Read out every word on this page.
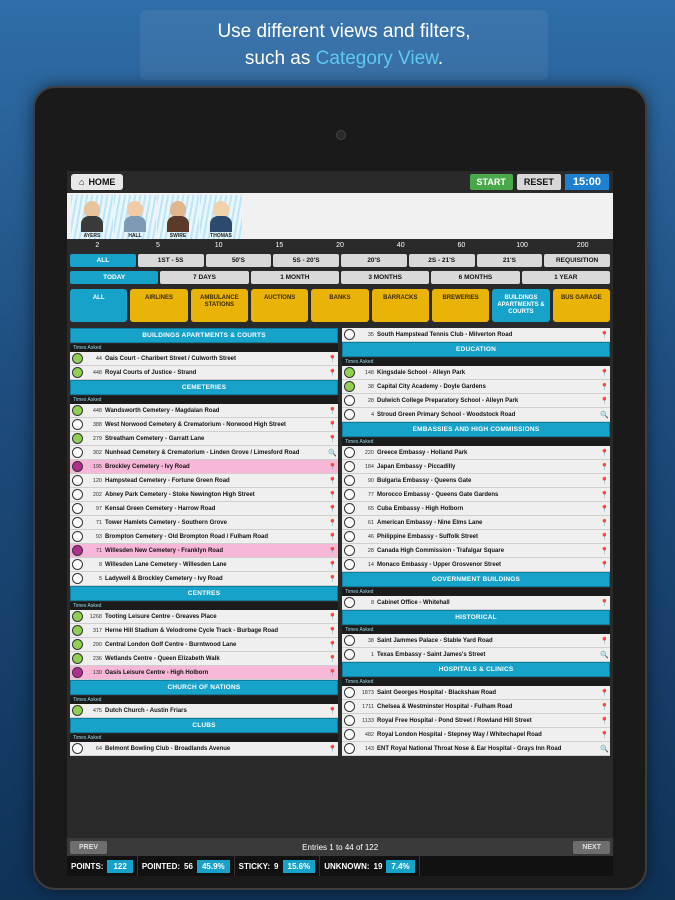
Use different views and filters,
such as Category View.
⌂ HOME	START	RESET	15:00
AYERS	HALL	SWIRE	THOMAS
2	5	10	15	20	40	60	100	200
ALL	1ST - 5S	50'S	5S - 20'S	20'S	2S - 21'S	21'S	REQUISITION
TODAY	7 DAYS	1 MONTH	3 MONTHS	6 MONTHS	1 YEAR
ALL	AIRLINES	AMBULANCE STATIONS
AUCTIONS	BANKS	BARRACKS	BREWERIES	BUILDINGS APARTMENTS & COURTS
BUS GARAGE
BUILDINGS APARTMENTS & COURTS
Times Asked
44 Oais Court - Charibert Street / Culworth Street	📍
448 Royal Courts of Justice - Strand	📍
CEMETERIES
Times Asked
448 Wandsworth Cemetery - Magdalan Road	📍
388 West Norwood Cemetery & Crematorium - Norwood High Street	📍
279 Streatham Cemetery - Garratt Lane	📍
302 Nunhead Cemetery & Crematorium - Linden Grove / Limesford Road	🔍
195 Brockley Cemetery - Ivy Road	📍
120 Hampstead Cemetery - Fortune Green Road	📍
202 Abney Park Cemetery - Stoke Newington High Street	📍
97 Kensal Green Cemetery - Harrow Road	📍
71 Tower Hamlets Cemetery - Southern Grove	📍
93 Brompton Cemetery - Old Brompton Road / Fulham Road	📍
71 Willesden New Cemetery - Franklyn Road	📍
8 Willesden Lane Cemetery - Willesden Lane	📍
5 Ladywell & Brockley Cemetery - Ivy Road	📍
CENTRES
Times Asked
1268 Tooting Leisure Centre - Greaves Place	📍
317 Herne Hill Stadium & Velodrome Cycle Track - Burbage Road	📍
290 Central London Golf Centre - Burntwood Lane	📍
236 Wetlands Centre - Queen Elizabeth Walk	📍
130 Oasis Leisure Centre - High Holborn	📍
CHURCH OF NATIONS
Times Asked
475 Dutch Church - Austin Friars	📍
CLUBS
Times Asked
64 Belmont Bowling Club - Broadlands Avenue	📍
35 South Hampstead Tennis Club - Milverton Road	📍
EDUCATION
Times Asked
148 Kingsdale School - Alleyn Park	📍
38 Capital City Academy - Doyle Gardens	📍
28 Dulwich College Preparatory School - Alleyn Park	📍
4 Stroud Green Primary School - Woodstock Road	🔍
EMBASSIES AND HIGH COMMISSIONS
Times Asked
220 Greece Embassy - Holland Park	📍
184 Japan Embassy - Piccadilly	📍
90 Bulgaria Embassy - Queens Gate	📍
77 Morocco Embassy - Queens Gate Gardens	📍
65 Cuba Embassy - High Holborn	📍
61 American Embassy - Nine Elms Lane	📍
46 Philippine Embassy - Suffolk Street	📍
28 Canada High Commission - Trafalgar Square	📍
14 Monaco Embassy - Upper Grosvenor Street	📍
GOVERNMENT BUILDINGS
Times Asked
8 Cabinet Office - Whitehall	📍
HISTORICAL
Times Asked
38 Saint Jammes Palace - Stable Yard Road	📍
1 Texas Embassy - Saint James's Street	🔍
HOSPITALS & CLINICS
Times Asked
1873 Saint Georges Hospital - Blackshaw Road	📍
1711 Chelsea & Westminster Hospital - Fulham Road	📍
1133 Royal Free Hospital - Pond Street / Rowland Hill Street	📍
482 Royal London Hospital - Stepney Way / Whitechapel Road	📍
143 ENT Royal National Throat Nose & Ear Hospital - Grays Inn Road	🔍
PREV	Entries 1 to 44 of 122	NEXT
POINTS:	122	POINTED: 56	45.9%	STICKY: 9	15.6%	UNKNOWN: 19	7.4%
